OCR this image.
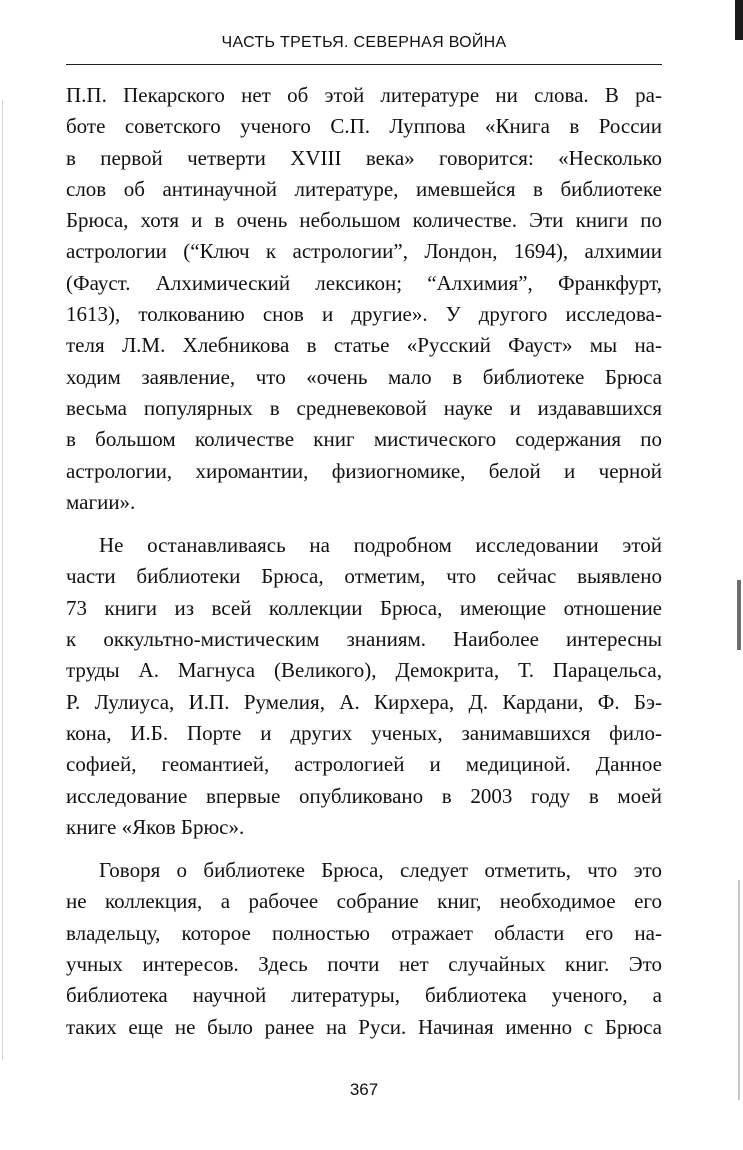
ЧАСТЬ ТРЕТЬЯ. СЕВЕРНАЯ ВОЙНА

П.П. Пекарского нет об этой литературе ни слова. В ра-
боте советского ученого С.П. Луппова «Книга в России
в первой четверти XVIII века» говорится: «Несколько
слов об антинаучной литературе, имевшейся в библиотеке
Брюса, хотя и в очень небольшом количестве. Эти книги по
астрологии (“Ключ к астрологии”, Лондон, 1694), алхимии
(Фауст. Алхимический лексикон; “Алхимия”, Франкфурт,
1613), толкованию снов и другие». У другого исследова-
теля Л.М. Хлебникова в статье «Русский Фауст» мы на-
ходим заявление, что «очень мало в библиотеке Брюса
весьма популярных в средневековой науке и издававшихся
в большом количестве книг мистического содержания по
астрологии, хиромантии, физиогномике, белой и черной
магии».

Не останавливаясь на подробном исследовании этой
части библиотеки Брюса, отметим, что сейчас выявлено
73 книги из всей коллекции Брюса, имеющие отношение
к оккультно-мистическим знаниям. Наиболее интересны
труды А. Магнуса (Великого), Демокрита, Т. Парацельса,
Р. Лулиуса, И.П. Румелия, А. Кирхера, Д. Кардани, Ф. Бэ-
кона, И.Б. Порте и других ученых, занимавшихся фило-
софией, геомантией, астрологией и медициной. Данное
исследование впервые опубликовано в 2003 году в моей
книге «Яков Брюс».

Говоря о библиотеке Брюса, следует отметить, что это
не коллекция, а рабочее собрание книг, необходимое его
владельцу, которое полностью отражает области его на-
учных интересов. Здесь почти нет случайных книг. Это
библиотека научной литературы, библиотека ученого, а
таких еще не было ранее на Руси. Начиная именно с Брюса

367
